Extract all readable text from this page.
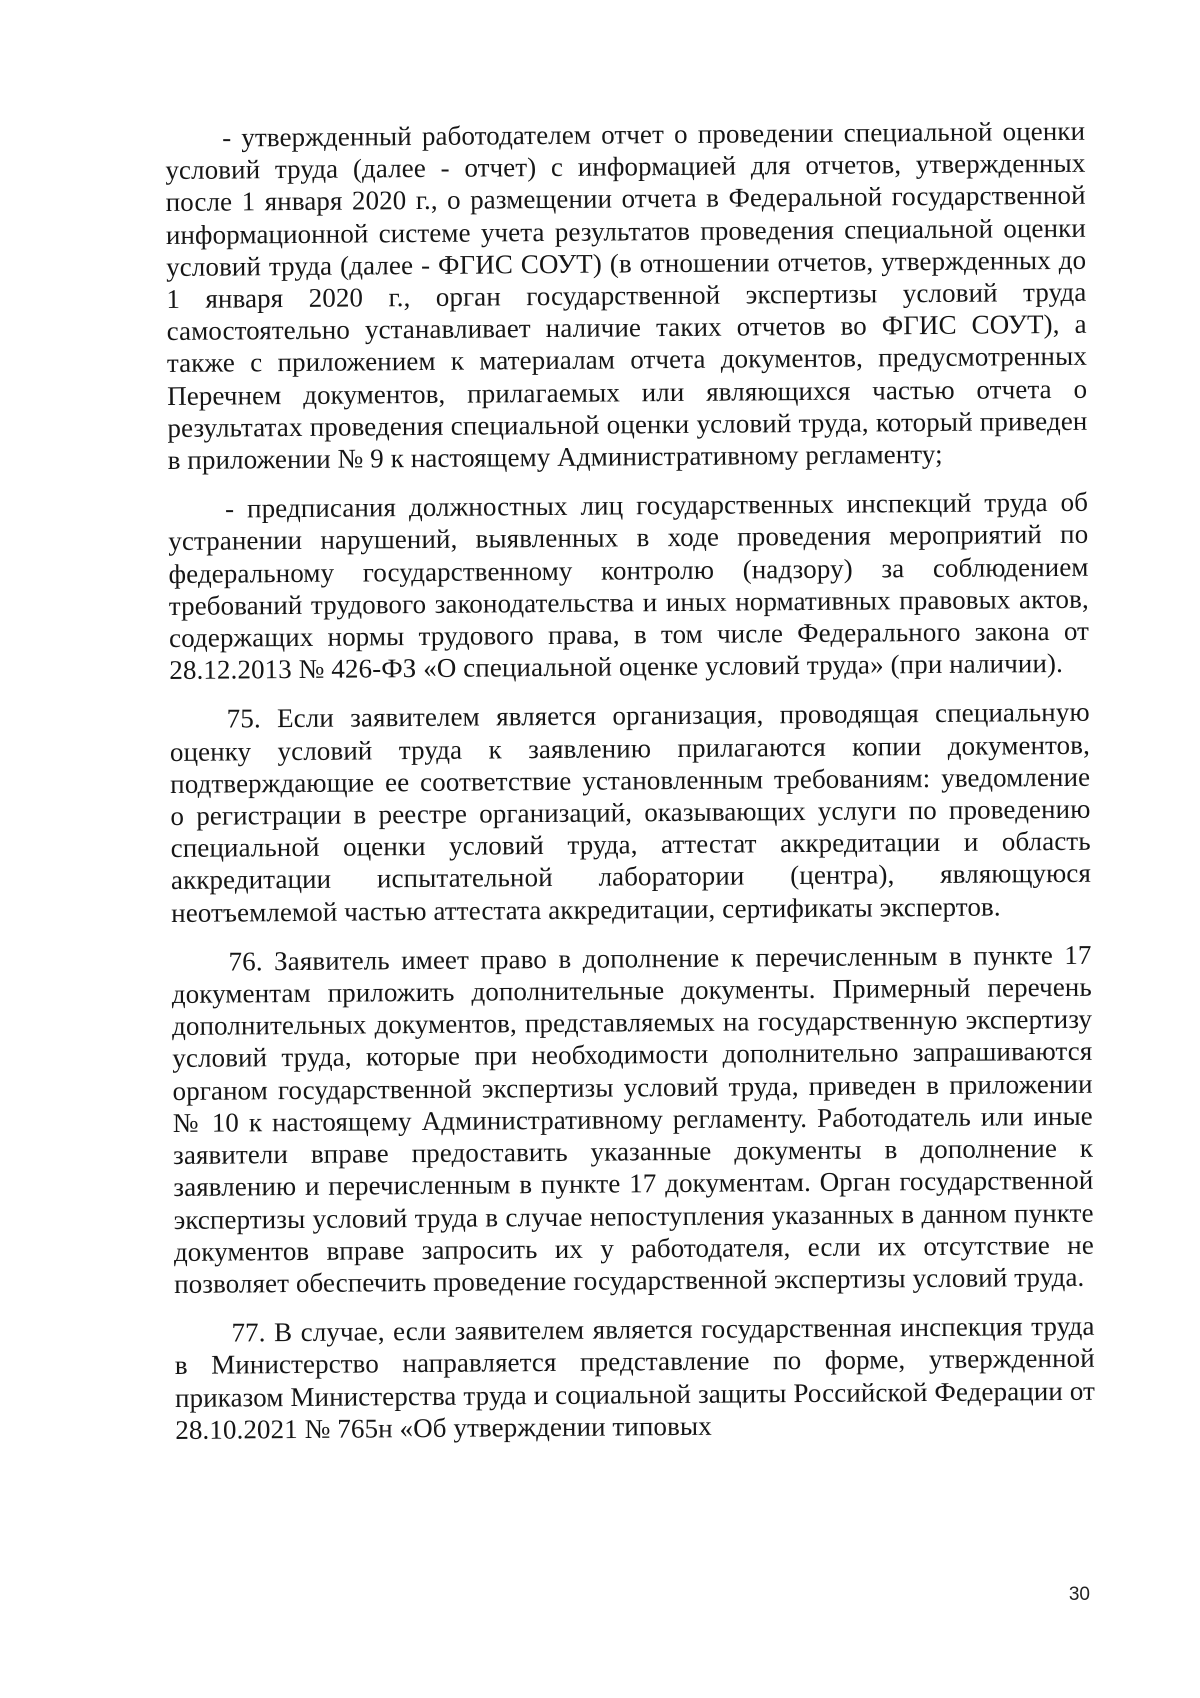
- утвержденный работодателем отчет о проведении специальной оценки условий труда (далее - отчет) с информацией для отчетов, утвержденных после 1 января 2020 г., о размещении отчета в Федеральной государственной информационной системе учета результатов проведения специальной оценки условий труда (далее - ФГИС СОУТ) (в отношении отчетов, утвержденных до 1 января 2020 г., орган государственной экспертизы условий труда самостоятельно устанавливает наличие таких отчетов во ФГИС СОУТ), а также с приложением к материалам отчета документов, предусмотренных Перечнем документов, прилагаемых или являющихся частью отчета о результатах проведения специальной оценки условий труда, который приведен в приложении № 9 к настоящему Административному регламенту;

- предписания должностных лиц государственных инспекций труда об устранении нарушений, выявленных в ходе проведения мероприятий по федеральному государственному контролю (надзору) за соблюдением требований трудового законодательства и иных нормативных правовых актов, содержащих нормы трудового права, в том числе Федерального закона от 28.12.2013 № 426-ФЗ «О специальной оценке условий труда» (при наличии).

75. Если заявителем является организация, проводящая специальную оценку условий труда к заявлению прилагаются копии документов, подтверждающие ее соответствие установленным требованиям: уведомление о регистрации в реестре организаций, оказывающих услуги по проведению специальной оценки условий труда, аттестат аккредитации и область аккредитации испытательной лаборатории (центра), являющуюся неотъемлемой частью аттестата аккредитации, сертификаты экспертов.

76. Заявитель имеет право в дополнение к перечисленным в пункте 17 документам приложить дополнительные документы. Примерный перечень дополнительных документов, представляемых на государственную экспертизу условий труда, которые при необходимости дополнительно запрашиваются органом государственной экспертизы условий труда, приведен в приложении № 10 к настоящему Административному регламенту. Работодатель или иные заявители вправе предоставить указанные документы в дополнение к заявлению и перечисленным в пункте 17 документам. Орган государственной экспертизы условий труда в случае непоступления указанных в данном пункте документов вправе запросить их у работодателя, если их отсутствие не позволяет обеспечить проведение государственной экспертизы условий труда.

77. В случае, если заявителем является государственная инспекция труда в Министерство направляется представление по форме, утвержденной приказом Министерства труда и социальной защиты Российской Федерации от 28.10.2021 № 765н «Об утверждении типовых

30
